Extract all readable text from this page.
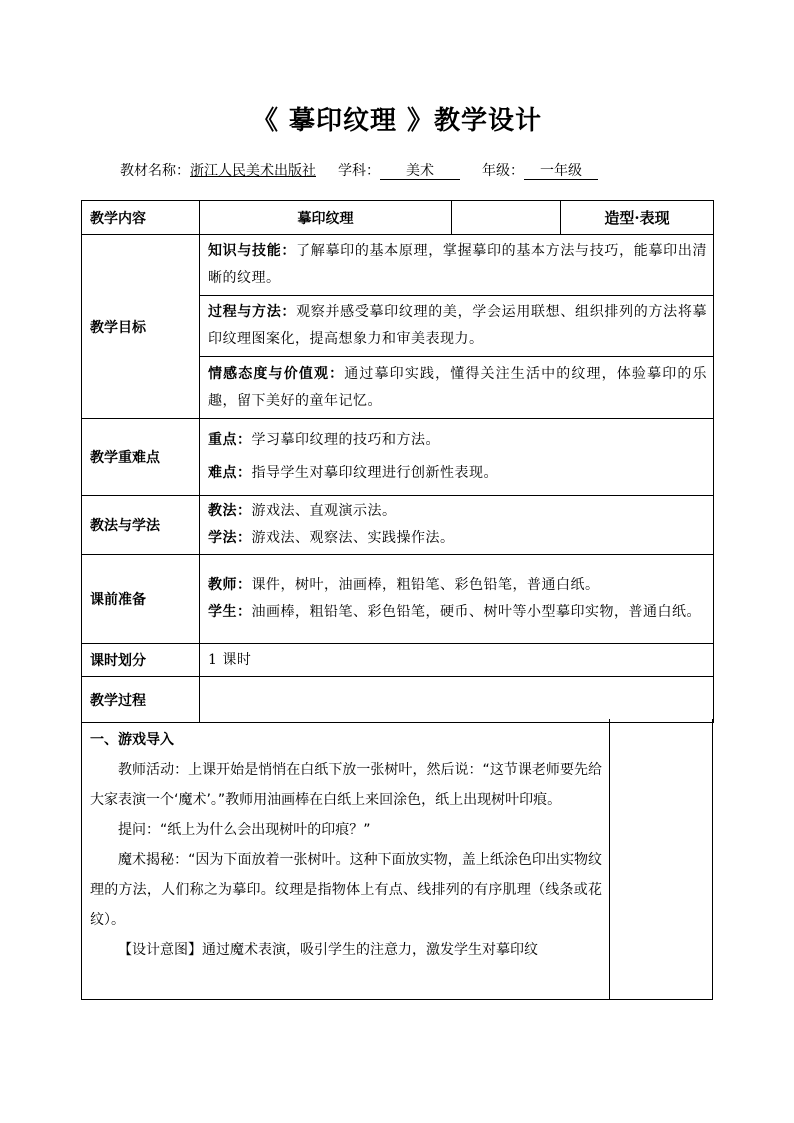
《 摹印纹理 》教学设计
教材名称：浙江人民美术出版社 学科： 美术	年级： 一年级
教学内容	摹印纹理		造型·表现
教学目标	知识与技能：了解摹印的基本原理，掌握摹印的基本方法与技巧，能摹印出清晰的纹理。		
	过程与方法：观察并感受摹印纹理的美，学会运用联想、组织排列的方法将摹印纹理图案化，提高想象力和审美表现力。		
	情感态度与价值观：通过摹印实践，懂得关注生活中的纹理，体验摹印的乐趣，留下美好的童年记忆。		
教学重难点	重点：学习摹印纹理的技巧和方法。
难点：指导学生对摹印纹理进行创新性表现。		

教法与学法	教法：游戏法、直观演示法。
学法：游戏法、观察法、实践操作法。		

课前准备	教师：课件，树叶，油画棒，粗铅笔、彩色铅笔，普通白纸。
学生：油画棒，粗铅笔、彩色铅笔，硬币、树叶等小型摹印实物，普通白纸。		

课时划分	1 课时		
教学过程			
一、游戏导入

教师活动：上课开始是悄悄在白纸下放一张树叶，然后说：“这节课老师要先给大家表演一个‘魔术’。”教师用油画棒在白纸上来回涂色，纸上出现树叶印痕。

提问：“纸上为什么会出现树叶的印痕？”

魔术揭秘：“因为下面放着一张树叶。这种下面放实物，盖上纸涂色印出实物纹理的方法，人们称之为摹印。纹理是指物体上有点、线排列的有序肌理（线条或花纹）。

【设计意图】通过魔术表演，吸引学生的注意力，激发学生对摹印纹
